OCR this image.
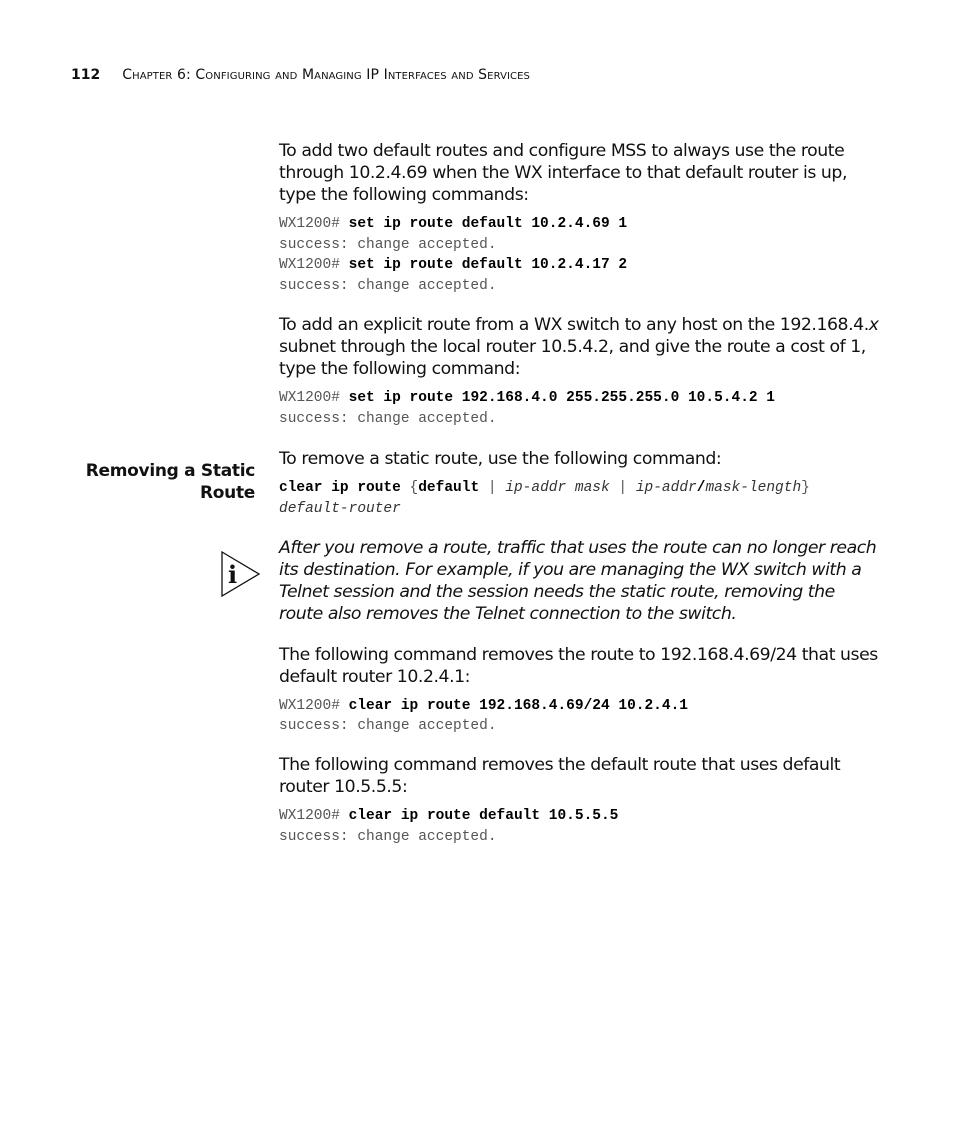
112 Chapter 6: Configuring and Managing IP Interfaces and Services

To add two default routes and configure MSS to always use the route through 10.2.4.69 when the WX interface to that default router is up, type the following commands:

WX1200# set ip route default 10.2.4.69 1
success: change accepted.
WX1200# set ip route default 10.2.4.17 2
success: change accepted.

To add an explicit route from a WX switch to any host on the 192.168.4.x subnet through the local router 10.5.4.2, and give the route a cost of 1, type the following command:

WX1200# set ip route 192.168.4.0 255.255.255.0 10.5.4.2 1
success: change accepted.

To remove a static route, use the following command:

clear ip route {default | ip-addr mask | ip-addr/mask-length}
default-router

After you remove a route, traffic that uses the route can no longer reach its destination. For example, if you are managing the WX switch with a Telnet session and the session needs the static route, removing the route also removes the Telnet connection to the switch.

The following command removes the route to 192.168.4.69/24 that uses default router 10.2.4.1:

WX1200# clear ip route 192.168.4.69/24 10.2.4.1
success: change accepted.

The following command removes the default route that uses default router 10.5.5.5:

WX1200# clear ip route default 10.5.5.5
success: change accepted.
Removing a Static
Route
i
